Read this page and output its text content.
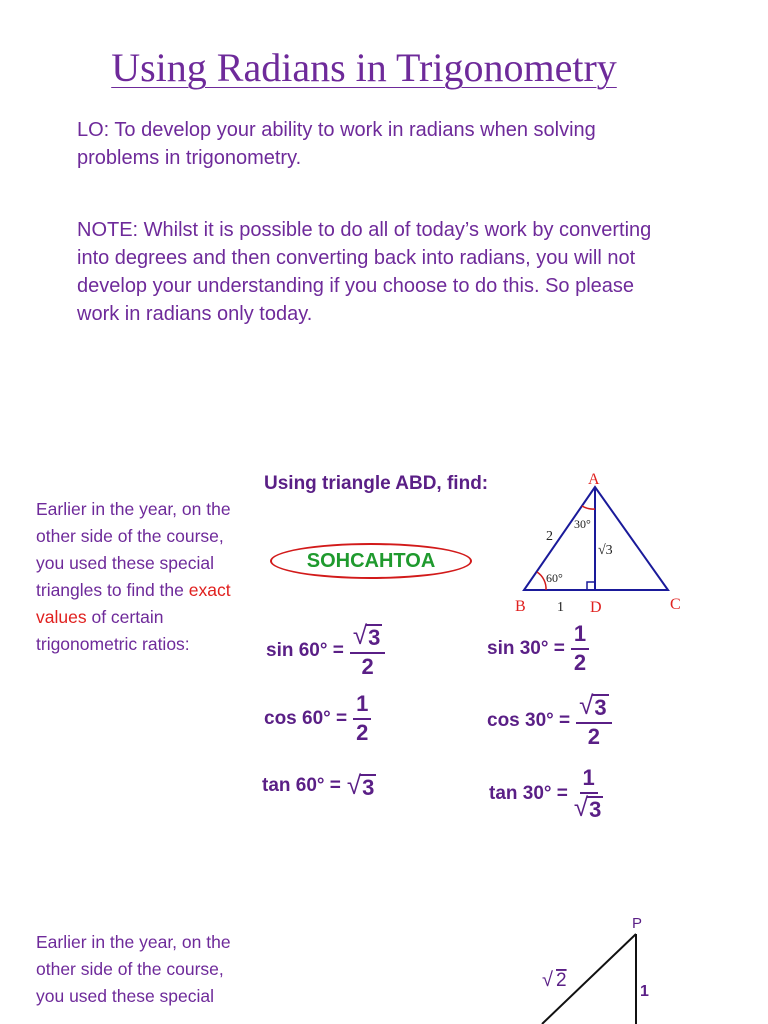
Using Radians in Trigonometry
LO: To develop your ability to work in radians when solving problems in trigonometry.
NOTE: Whilst it is possible to do all of today’s work by converting into degrees and then converting back into radians, you will not develop your understanding if you choose to do this. So please work in radians only today.
Earlier in the year, on the other side of the course, you used these special triangles to find the exact values of certain trigonometric ratios:
Earlier in the year, on the other side of the course, you used these special
Using triangle ABD, find:
SOHCAHTOA
$\sin 60^\circ = \frac{√ 3}{2}$
$\cos 60^\circ = \frac{1}{2}$
tan 60° = √ 3
$\sin 30^\circ = \frac{1}{2}$
$\cos 30^\circ = \frac{√ 3}{2}$
$\tan 30^\circ = \frac{1}{√ 3}$
A
B	C
D
2
1
√3
30°
60°
P
√ 2
1
